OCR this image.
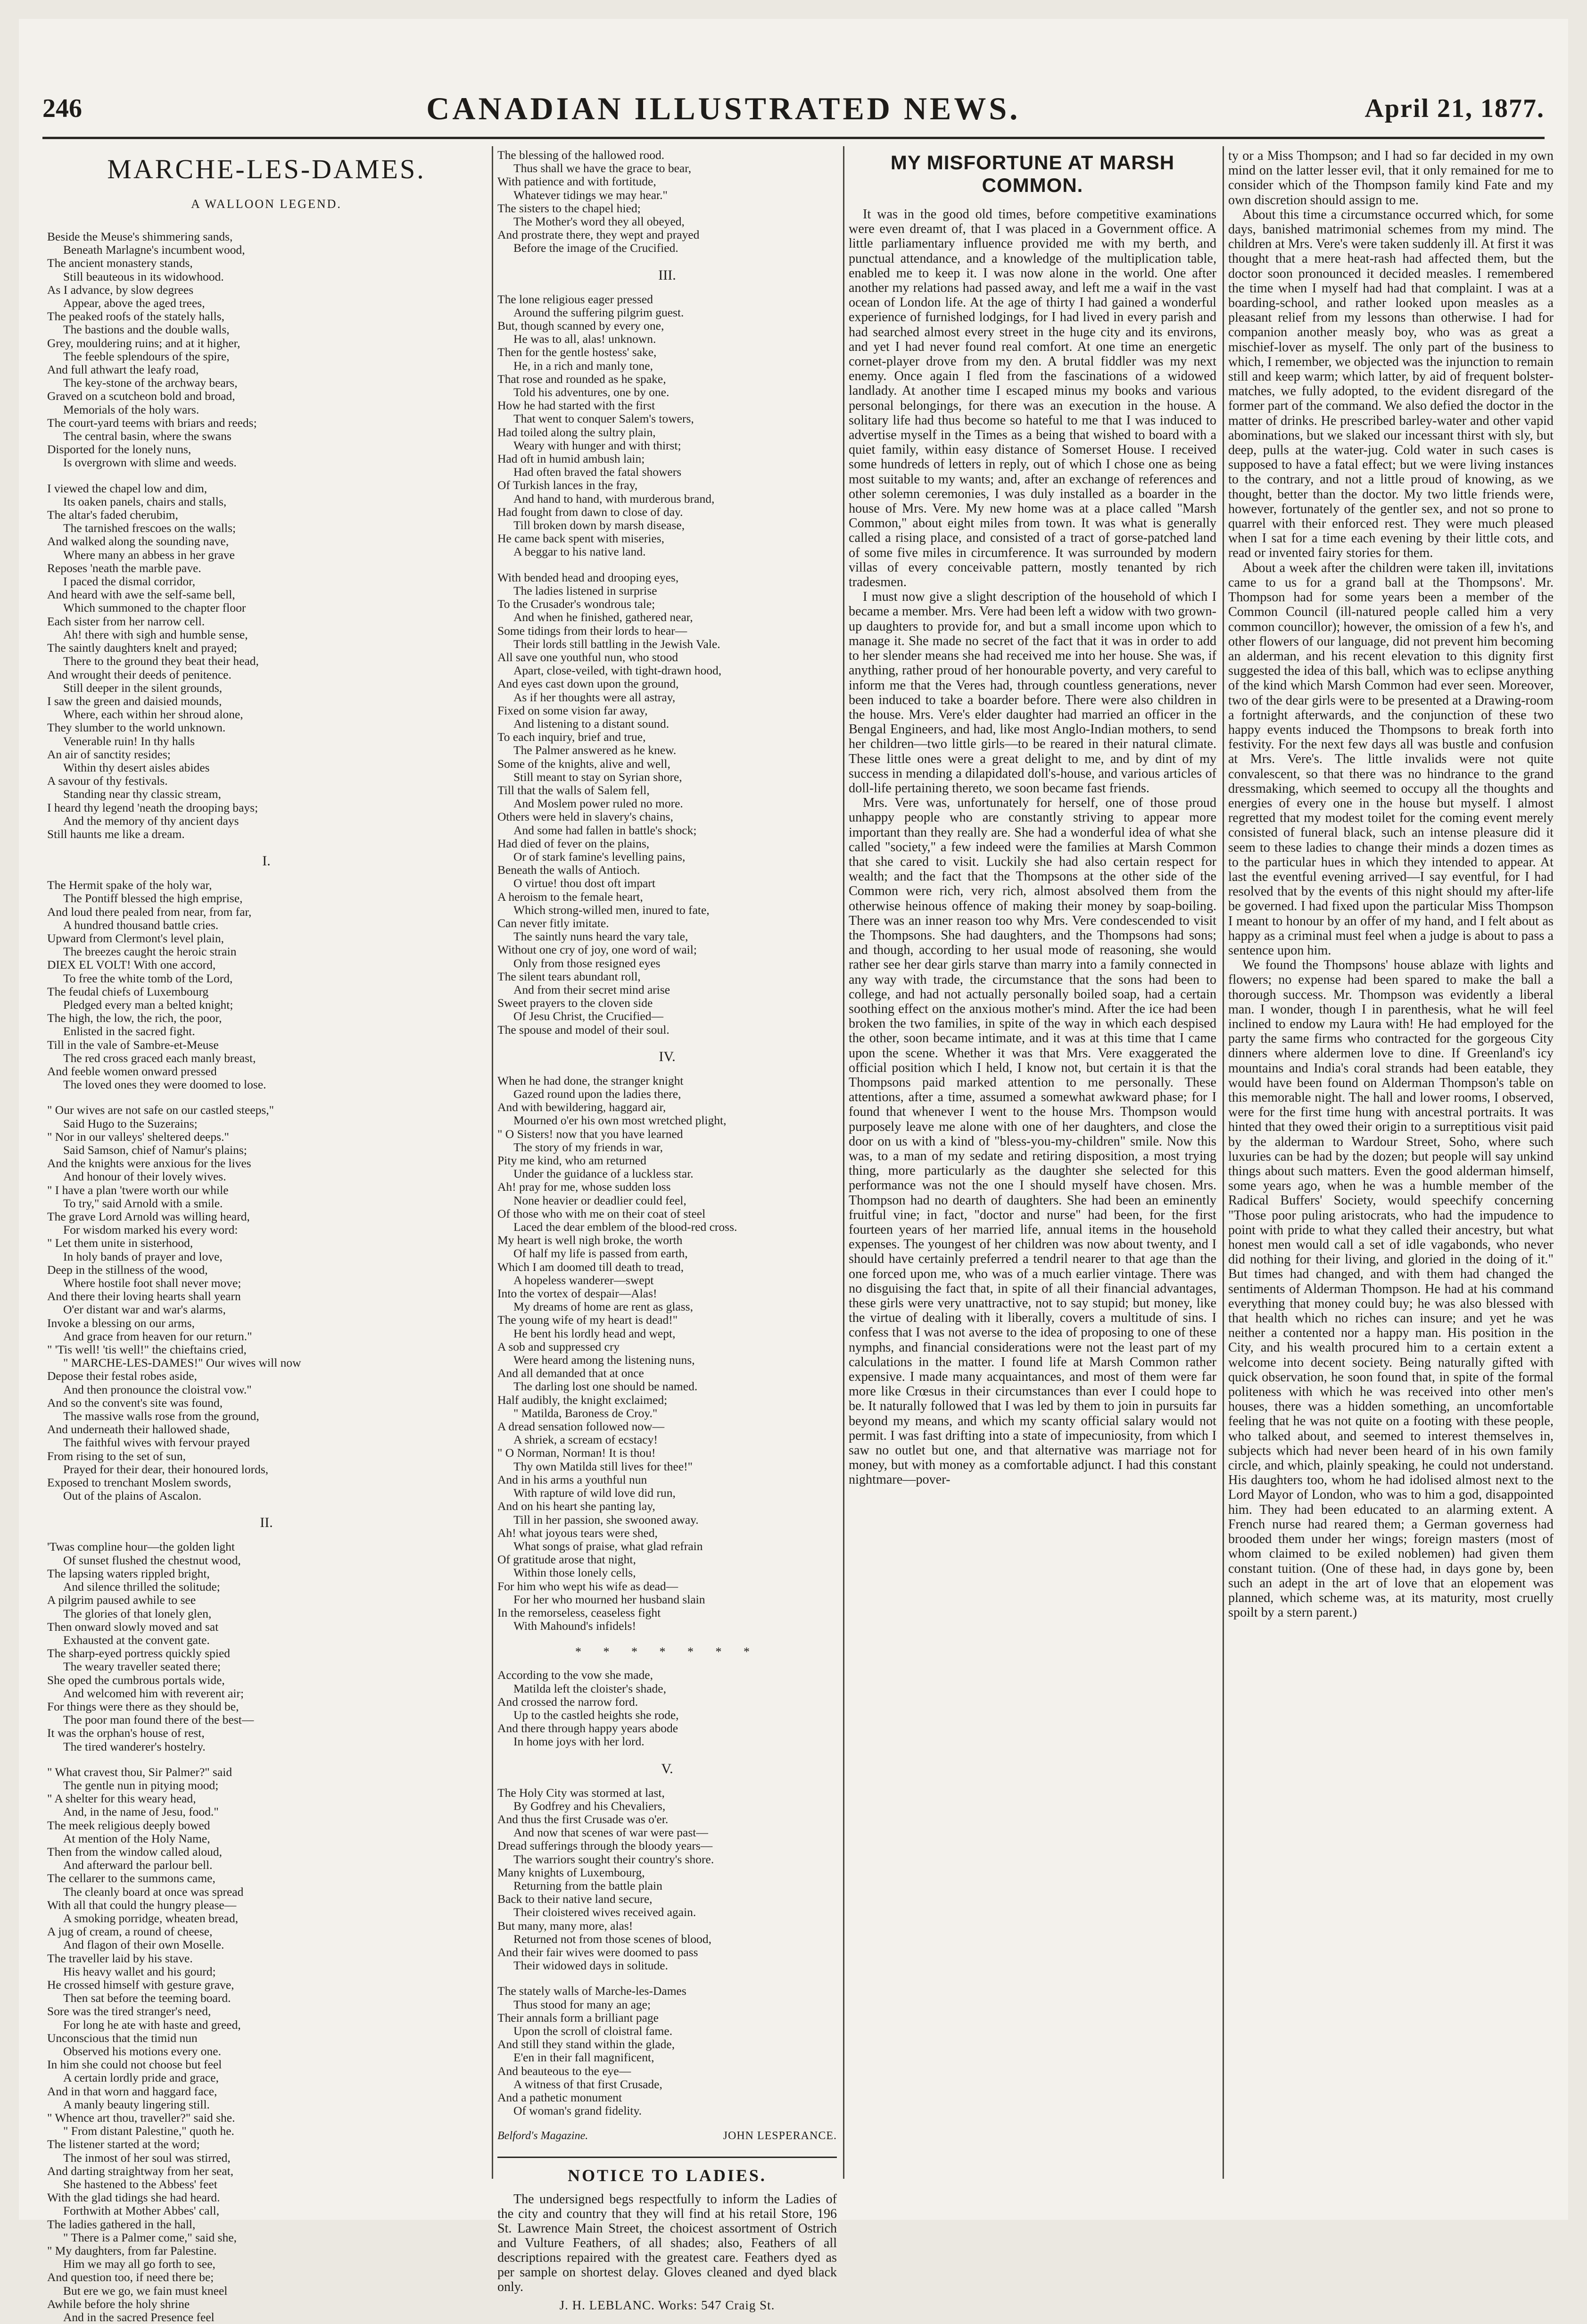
246	CANADIAN ILLUSTRATED NEWS.	April 21, 1877.
MARCHE-LES-DAMES.
A WALLOON LEGEND.
Beside the Meuse's shimmering sands,
Beneath Marlagne's incumbent wood,
The ancient monastery stands,
Still beauteous in its widowhood.
As I advance, by slow degrees
Appear, above the aged trees,
The peaked roofs of the stately halls,
The bastions and the double walls,
Grey, mouldering ruins; and at it higher,
The feeble splendours of the spire,
And full athwart the leafy road,
The key-stone of the archway bears,
Graved on a scutcheon bold and broad,
Memorials of the holy wars.
The court-yard teems with briars and reeds;
The central basin, where the swans
Disported for the lonely nuns,
Is overgrown with slime and weeds.
I viewed the chapel low and dim,
Its oaken panels, chairs and stalls,
The altar's faded cherubim,
The tarnished frescoes on the walls;
And walked along the sounding nave,
Where many an abbess in her grave
Reposes 'neath the marble pave.
I paced the dismal corridor,
And heard with awe the self-same bell,
Which summoned to the chapter floor
Each sister from her narrow cell.
Ah! there with sigh and humble sense,
The saintly daughters knelt and prayed;
There to the ground they beat their head,
And wrought their deeds of penitence.
Still deeper in the silent grounds,
I saw the green and daisied mounds,
Where, each within her shroud alone,
They slumber to the world unknown.
Venerable ruin! In thy halls
An air of sanctity resides;
Within thy desert aisles abides
A savour of thy festivals.
Standing near thy classic stream,
I heard thy legend 'neath the drooping bays;
And the memory of thy ancient days
Still haunts me like a dream.
I.
The Hermit spake of the holy war,
The Pontiff blessed the high emprise,
And loud there pealed from near, from far,
A hundred thousand battle cries.
Upward from Clermont's level plain,
The breezes caught the heroic strain
DIEX EL VOLT! With one accord,
To free the white tomb of the Lord,
The feudal chiefs of Luxembourg
Pledged every man a belted knight;
The high, the low, the rich, the poor,
Enlisted in the sacred fight.
Till in the vale of Sambre-et-Meuse
The red cross graced each manly breast,
And feeble women onward pressed
The loved ones they were doomed to lose.
" Our wives are not safe on our castled steeps,"
Said Hugo to the Suzerains;
" Nor in our valleys' sheltered deeps."
Said Samson, chief of Namur's plains;
And the knights were anxious for the lives
And honour of their lovely wives.
" I have a plan 'twere worth our while
To try," said Arnold with a smile.
The grave Lord Arnold was willing heard,
For wisdom marked his every word:
" Let them unite in sisterhood,
In holy bands of prayer and love,
Deep in the stillness of the wood,
Where hostile foot shall never move;
And there their loving hearts shall yearn
O'er distant war and war's alarms,
Invoke a blessing on our arms,
And grace from heaven for our return."
" 'Tis well! 'tis well!" the chieftains cried,
" MARCHE-LES-DAMES!" Our wives will now
Depose their festal robes aside,
And then pronounce the cloistral vow."
And so the convent's site was found,
The massive walls rose from the ground,
And underneath their hallowed shade,
The faithful wives with fervour prayed
From rising to the set of sun,
Prayed for their dear, their honoured lords,
Exposed to trenchant Moslem swords,
Out of the plains of Ascalon.
II.
'Twas compline hour—the golden light
Of sunset flushed the chestnut wood,
The lapsing waters rippled bright,
And silence thrilled the solitude;
A pilgrim paused awhile to see
The glories of that lonely glen,
Then onward slowly moved and sat
Exhausted at the convent gate.
The sharp-eyed portress quickly spied
The weary traveller seated there;
She oped the cumbrous portals wide,
And welcomed him with reverent air;
For things were there as they should be,
The poor man found there of the best—
It was the orphan's house of rest,
The tired wanderer's hostelry.
" What cravest thou, Sir Palmer?" said
The gentle nun in pitying mood;
" A shelter for this weary head,
And, in the name of Jesu, food."
The meek religious deeply bowed
At mention of the Holy Name,
Then from the window called aloud,
And afterward the parlour bell.
The cellarer to the summons came,
The cleanly board at once was spread
With all that could the hungry please—
A smoking porridge, wheaten bread,
A jug of cream, a round of cheese,
And flagon of their own Moselle.
The traveller laid by his stave.
His heavy wallet and his gourd;
He crossed himself with gesture grave,
Then sat before the teeming board.
Sore was the tired stranger's need,
For long he ate with haste and greed,
Unconscious that the timid nun
Observed his motions every one.
In him she could not choose but feel
A certain lordly pride and grace,
And in that worn and haggard face,
A manly beauty lingering still.
" Whence art thou, traveller?" said she.
" From distant Palestine," quoth he.
The listener started at the word;
The inmost of her soul was stirred,
And darting straightway from her seat,
She hastened to the Abbess' feet
With the glad tidings she had heard.
Forthwith at Mother Abbes' call,
The ladies gathered in the hall,
" There is a Palmer come," said she,
" My daughters, from far Palestine.
Him we may all go forth to see,
And question too, if need there be;
But ere we go, we fain must kneel
Awhile before the holy shrine
And in the sacred Presence feel
The blessing of the hallowed rood.
Thus shall we have the grace to bear,
With patience and with fortitude,
Whatever tidings we may hear."
The sisters to the chapel hied;
The Mother's word they all obeyed,
And prostrate there, they wept and prayed
Before the image of the Crucified.
III.
The lone religious eager pressed
Around the suffering pilgrim guest.
But, though scanned by every one,
He was to all, alas! unknown.
Then for the gentle hostess' sake,
He, in a rich and manly tone,
That rose and rounded as he spake,
Told his adventures, one by one.
How he had started with the first
That went to conquer Salem's towers,
Had toiled along the sultry plain,
Weary with hunger and with thirst;
Had oft in humid ambush lain;
Had often braved the fatal showers
Of Turkish lances in the fray,
And hand to hand, with murderous brand,
Had fought from dawn to close of day.
Till broken down by marsh disease,
He came back spent with miseries,
A beggar to his native land.
With bended head and drooping eyes,
The ladies listened in surprise
To the Crusader's wondrous tale;
And when he finished, gathered near,
Some tidings from their lords to hear—
Their lords still battling in the Jewish Vale.
All save one youthful nun, who stood
Apart, close-veiled, with tight-drawn hood,
And eyes cast down upon the ground,
As if her thoughts were all astray,
Fixed on some vision far away,
And listening to a distant sound.
To each inquiry, brief and true,
The Palmer answered as he knew.
Some of the knights, alive and well,
Still meant to stay on Syrian shore,
Till that the walls of Salem fell,
And Moslem power ruled no more.
Others were held in slavery's chains,
And some had fallen in battle's shock;
Had died of fever on the plains,
Or of stark famine's levelling pains,
Beneath the walls of Antioch.
O virtue! thou dost oft impart
A heroism to the female heart,
Which strong-willed men, inured to fate,
Can never fitly imitate.
The saintly nuns heard the vary tale,
Without one cry of joy, one word of wail;
Only from those resigned eyes
The silent tears abundant roll,
And from their secret mind arise
Sweet prayers to the cloven side
Of Jesu Christ, the Crucified—
The spouse and model of their soul.
IV.
When he had done, the stranger knight
Gazed round upon the ladies there,
And with bewildering, haggard air,
Mourned o'er his own most wretched plight,
" O Sisters! now that you have learned
The story of my friends in war,
Pity me kind, who am returned
Under the guidance of a luckless star.
Ah! pray for me, whose sudden loss
None heavier or deadlier could feel,
Of those who with me on their coat of steel
Laced the dear emblem of the blood-red cross.
My heart is well nigh broke, the worth
Of half my life is passed from earth,
Which I am doomed till death to tread,
A hopeless wanderer—swept
Into the vortex of despair—Alas!
My dreams of home are rent as glass,
The young wife of my heart is dead!"
He bent his lordly head and wept,
A sob and suppressed cry
Were heard among the listening nuns,
And all demanded that at once
The darling lost one should be named.
Half audibly, the knight exclaimed;
" Matilda, Baroness de Croy."
A dread sensation followed now—
A shriek, a scream of ecstacy!
" O Norman, Norman! It is thou!
Thy own Matilda still lives for thee!"
And in his arms a youthful nun
With rapture of wild love did run,
And on his heart she panting lay,
Till in her passion, she swooned away.
Ah! what joyous tears were shed,
What songs of praise, what glad refrain
Of gratitude arose that night,
Within those lonely cells,
For him who wept his wife as dead—
For her who mourned her husband slain
In the remorseless, ceaseless fight
With Mahound's infidels!
* * * * * * *
According to the vow she made,
Matilda left the cloister's shade,
And crossed the narrow ford.
Up to the castled heights she rode,
And there through happy years abode
In home joys with her lord.
V.
The Holy City was stormed at last,
By Godfrey and his Chevaliers,
And thus the first Crusade was o'er.
And now that scenes of war were past—
Dread sufferings through the bloody years—
The warriors sought their country's shore.
Many knights of Luxembourg,
Returning from the battle plain
Back to their native land secure,
Their cloistered wives received again.
But many, many more, alas!
Returned not from those scenes of blood,
And their fair wives were doomed to pass
Their widowed days in solitude.
The stately walls of Marche-les-Dames
Thus stood for many an age;
Their annals form a brilliant page
Upon the scroll of cloistral fame.
And still they stand within the glade,
E'en in their fall magnificent,
And beauteous to the eye—
A witness of that first Crusade,
And a pathetic monument
Of woman's grand fidelity.
Belford's Magazine.	JOHN LESPERANCE.
NOTICE TO LADIES.

The undersigned begs respectfully to inform the Ladies of the city and country that they will find at his retail Store, 196 St. Lawrence Main Street, the choicest assortment of Ostrich and Vulture Feathers, of all shades; also, Feathers of all descriptions repaired with the greatest care. Feathers dyed as per sample on shortest delay. Gloves cleaned and dyed black only.

J. H. LEBLANC. Works: 547 Craig St.
MY MISFORTUNE AT MARSH COMMON.

It was in the good old times, before competitive examinations were even dreamt of, that I was placed in a Government office. A little parliamentary influence provided me with my berth, and punctual attendance, and a knowledge of the multiplication table, enabled me to keep it. I was now alone in the world. One after another my relations had passed away, and left me a waif in the vast ocean of London life. At the age of thirty I had gained a wonderful experience of furnished lodgings, for I had lived in every parish and had searched almost every street in the huge city and its environs, and yet I had never found real comfort. At one time an energetic cornet-player drove from my den. A brutal fiddler was my next enemy. Once again I fled from the fascinations of a widowed landlady. At another time I escaped minus my books and various personal belongings, for there was an execution in the house. A solitary life had thus become so hateful to me that I was induced to advertise myself in the Times as a being that wished to board with a quiet family, within easy distance of Somerset House. I received some hundreds of letters in reply, out of which I chose one as being most suitable to my wants; and, after an exchange of references and other solemn ceremonies, I was duly installed as a boarder in the house of Mrs. Vere. My new home was at a place called "Marsh Common," about eight miles from town. It was what is generally called a rising place, and consisted of a tract of gorse-patched land of some five miles in circumference. It was surrounded by modern villas of every conceivable pattern, mostly tenanted by rich tradesmen.

I must now give a slight description of the household of which I became a member. Mrs. Vere had been left a widow with two grown-up daughters to provide for, and but a small income upon which to manage it. She made no secret of the fact that it was in order to add to her slender means she had received me into her house. She was, if anything, rather proud of her honourable poverty, and very careful to inform me that the Veres had, through countless generations, never been induced to take a boarder before. There were also children in the house. Mrs. Vere's elder daughter had married an officer in the Bengal Engineers, and had, like most Anglo-Indian mothers, to send her children—two little girls—to be reared in their natural climate. These little ones were a great delight to me, and by dint of my success in mending a dilapidated doll's-house, and various articles of doll-life pertaining thereto, we soon became fast friends.

Mrs. Vere was, unfortunately for herself, one of those proud unhappy people who are constantly striving to appear more important than they really are. She had a wonderful idea of what she called "society," a few indeed were the families at Marsh Common that she cared to visit. Luckily she had also certain respect for wealth; and the fact that the Thompsons at the other side of the Common were rich, very rich, almost absolved them from the otherwise heinous offence of making their money by soap-boiling. There was an inner reason too why Mrs. Vere condescended to visit the Thompsons. She had daughters, and the Thompsons had sons; and though, according to her usual mode of reasoning, she would rather see her dear girls starve than marry into a family connected in any way with trade, the circumstance that the sons had been to college, and had not actually personally boiled soap, had a certain soothing effect on the anxious mother's mind. After the ice had been broken the two families, in spite of the way in which each despised the other, soon became intimate, and it was at this time that I came upon the scene. Whether it was that Mrs. Vere exaggerated the official position which I held, I know not, but certain it is that the Thompsons paid marked attention to me personally. These attentions, after a time, assumed a somewhat awkward phase; for I found that whenever I went to the house Mrs. Thompson would purposely leave me alone with one of her daughters, and close the door on us with a kind of "bless-you-my-children" smile. Now this was, to a man of my sedate and retiring disposition, a most trying thing, more particularly as the daughter she selected for this performance was not the one I should myself have chosen. Mrs. Thompson had no dearth of daughters. She had been an eminently fruitful vine; in fact, "doctor and nurse" had been, for the first fourteen years of her married life, annual items in the household expenses. The youngest of her children was now about twenty, and I should have certainly preferred a tendril nearer to that age than the one forced upon me, who was of a much earlier vintage. There was no disguising the fact that, in spite of all their financial advantages, these girls were very unattractive, not to say stupid; but money, like the virtue of dealing with it liberally, covers a multitude of sins. I confess that I was not averse to the idea of proposing to one of these nymphs, and financial considerations were not the least part of my calculations in the matter. I found life at Marsh Common rather expensive. I made many acquaintances, and most of them were far more like Crœsus in their circumstances than ever I could hope to be. It naturally followed that I was led by them to join in pursuits far beyond my means, and which my scanty official salary would not permit. I was fast drifting into a state of impecuniosity, from which I saw no outlet but one, and that alternative was marriage not for money, but with money as a comfortable adjunct. I had this constant nightmare—pover-

ty or a Miss Thompson; and I had so far decided in my own mind on the latter lesser evil, that it only remained for me to consider which of the Thompson family kind Fate and my own discretion should assign to me.

About this time a circumstance occurred which, for some days, banished matrimonial schemes from my mind. The children at Mrs. Vere's were taken suddenly ill. At first it was thought that a mere heat-rash had affected them, but the doctor soon pronounced it decided measles. I remembered the time when I myself had had that complaint. I was at a boarding-school, and rather looked upon measles as a pleasant relief from my lessons than otherwise. I had for companion another measly boy, who was as great a mischief-lover as myself. The only part of the business to which, I remember, we objected was the injunction to remain still and keep warm; which latter, by aid of frequent bolster-matches, we fully adopted, to the evident disregard of the former part of the command. We also defied the doctor in the matter of drinks. He prescribed barley-water and other vapid abominations, but we slaked our incessant thirst with sly, but deep, pulls at the water-jug. Cold water in such cases is supposed to have a fatal effect; but we were living instances to the contrary, and not a little proud of knowing, as we thought, better than the doctor. My two little friends were, however, fortunately of the gentler sex, and not so prone to quarrel with their enforced rest. They were much pleased when I sat for a time each evening by their little cots, and read or invented fairy stories for them.

About a week after the children were taken ill, invitations came to us for a grand ball at the Thompsons'. Mr. Thompson had for some years been a member of the Common Council (ill-natured people called him a very common councillor); however, the omission of a few h's, and other flowers of our language, did not prevent him becoming an alderman, and his recent elevation to this dignity first suggested the idea of this ball, which was to eclipse anything of the kind which Marsh Common had ever seen. Moreover, two of the dear girls were to be presented at a Drawing-room a fortnight afterwards, and the conjunction of these two happy events induced the Thompsons to break forth into festivity. For the next few days all was bustle and confusion at Mrs. Vere's. The little invalids were not quite convalescent, so that there was no hindrance to the grand dressmaking, which seemed to occupy all the thoughts and energies of every one in the house but myself. I almost regretted that my modest toilet for the coming event merely consisted of funeral black, such an intense pleasure did it seem to these ladies to change their minds a dozen times as to the particular hues in which they intended to appear. At last the eventful evening arrived—I say eventful, for I had resolved that by the events of this night should my after-life be governed. I had fixed upon the particular Miss Thompson I meant to honour by an offer of my hand, and I felt about as happy as a criminal must feel when a judge is about to pass a sentence upon him.

We found the Thompsons' house ablaze with lights and flowers; no expense had been spared to make the ball a thorough success. Mr. Thompson was evidently a liberal man. I wonder, though I in parenthesis, what he will feel inclined to endow my Laura with! He had employed for the party the same firms who contracted for the gorgeous City dinners where aldermen love to dine. If Greenland's icy mountains and India's coral strands had been eatable, they would have been found on Alderman Thompson's table on this memorable night. The hall and lower rooms, I observed, were for the first time hung with ancestral portraits. It was hinted that they owed their origin to a surreptitious visit paid by the alderman to Wardour Street, Soho, where such luxuries can be had by the dozen; but people will say unkind things about such matters. Even the good alderman himself, some years ago, when he was a humble member of the Radical Buffers' Society, would speechify concerning "Those poor puling aristocrats, who had the impudence to point with pride to what they called their ancestry, but what honest men would call a set of idle vagabonds, who never did nothing for their living, and gloried in the doing of it." But times had changed, and with them had changed the sentiments of Alderman Thompson. He had at his command everything that money could buy; he was also blessed with that health which no riches can insure; and yet he was neither a contented nor a happy man. His position in the City, and his wealth procured him to a certain extent a welcome into decent society. Being naturally gifted with quick observation, he soon found that, in spite of the formal politeness with which he was received into other men's houses, there was a hidden something, an uncomfortable feeling that he was not quite on a footing with these people, who talked about, and seemed to interest themselves in, subjects which had never been heard of in his own family circle, and which, plainly speaking, he could not understand. His daughters too, whom he had idolised almost next to the Lord Mayor of London, who was to him a god, disappointed him. They had been educated to an alarming extent. A French nurse had reared them; a German governess had brooded them under her wings; foreign masters (most of whom claimed to be exiled noblemen) had given them constant tuition. (One of these had, in days gone by, been such an adept in the art of love that an elopement was planned, which scheme was, at its maturity, most cruelly spoilt by a stern parent.)
